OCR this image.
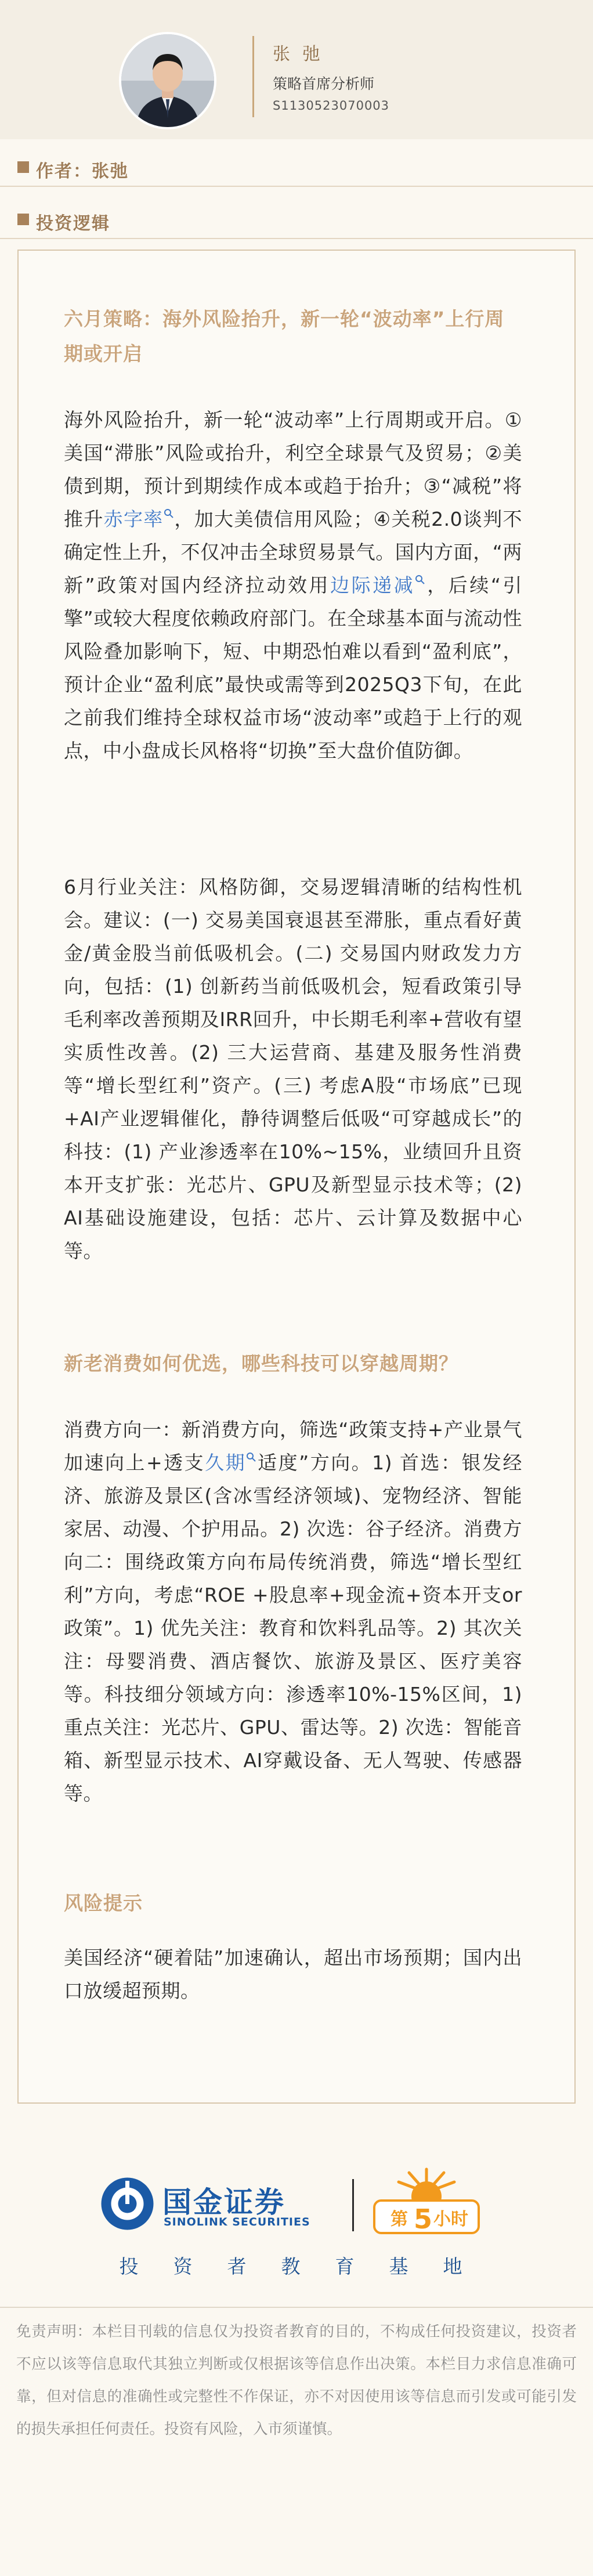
张 弛
策略首席分析师
S1130523070003
作者：张弛
投资逻辑
六月策略：海外风险抬升，新一轮“波动率”上行周期或开启
海外风险抬升，新一轮“波动率”上行周期或开启。①美国“滞胀”风险或抬升，利空全球景气及贸易；②美债到期，预计到期续作成本或趋于抬升；③“减税”将推升赤字率 ，加大美债信用风险；④关税2.0谈判不确定性上升，不仅冲击全球贸易景气。国内方面，“两新”政策对国内经济拉动效用边际递减 ，后续“引擎”或较大程度依赖政府部门。在全球基本面与流动性风险叠加影响下，短、中期恐怕难以看到“盈利底”，预计企业“盈利底”最快或需等到2025Q3下旬，在此之前我们维持全球权益市场“波动率”或趋于上行的观点，中小盘成长风格将“切换”至大盘价值防御。
6月行业关注：风格防御，交易逻辑清晰的结构性机会。建议：(一) 交易美国衰退甚至滞胀，重点看好黄金/黄金股当前低吸机会。(二) 交易国内财政发力方向，包括：(1) 创新药当前低吸机会，短看政策引导毛利率改善预期及IRR回升，中长期毛利率+营收有望实质性改善。(2) 三大运营商、基建及服务性消费等“增长型红利”资产。(三) 考虑A股“市场底”已现+AI产业逻辑催化，静待调整后低吸“可穿越成长”的科技：(1) 产业渗透率在10%~15%，业绩回升且资本开支扩张：光芯片、GPU及新型显示技术等；(2) AI基础设施建设，包括：芯片、云计算及数据中心等。
新老消费如何优选，哪些科技可以穿越周期？
消费方向一：新消费方向，筛选“政策支持+产业景气加速向上+透支久期 适度”方向。1) 首选：银发经济、旅游及景区(含冰雪经济领域)、宠物经济、智能家居、动漫、个护用品。2) 次选：谷子经济。消费方向二：围绕政策方向布局传统消费，筛选“增长型红利”方向，考虑“ROE +股息率+现金流+资本开支or政策”。1) 优先关注：教育和饮料乳品等。2) 其次关注：母婴消费、酒店餐饮、旅游及景区、医疗美容等。科技细分领域方向：渗透率10%-15%区间，1) 重点关注：光芯片、GPU、雷达等。2) 次选：智能音箱、新型显示技术、AI穿戴设备、无人驾驶、传感器等。
风险提示
美国经济“硬着陆”加速确认，超出市场预期；国内出口放缓超预期。
国金证券
SINOLINK SECURITIES	第 5 小时
投资者教育基地
免责声明：本栏目刊载的信息仅为投资者教育的目的，不构成任何投资建议，投资者不应以该等信息取代其独立判断或仅根据该等信息作出决策。本栏目力求信息准确可靠，但对信息的准确性或完整性不作保证，亦不对因使用该等信息而引发或可能引发的损失承担任何责任。投资有风险，入市须谨慎。
